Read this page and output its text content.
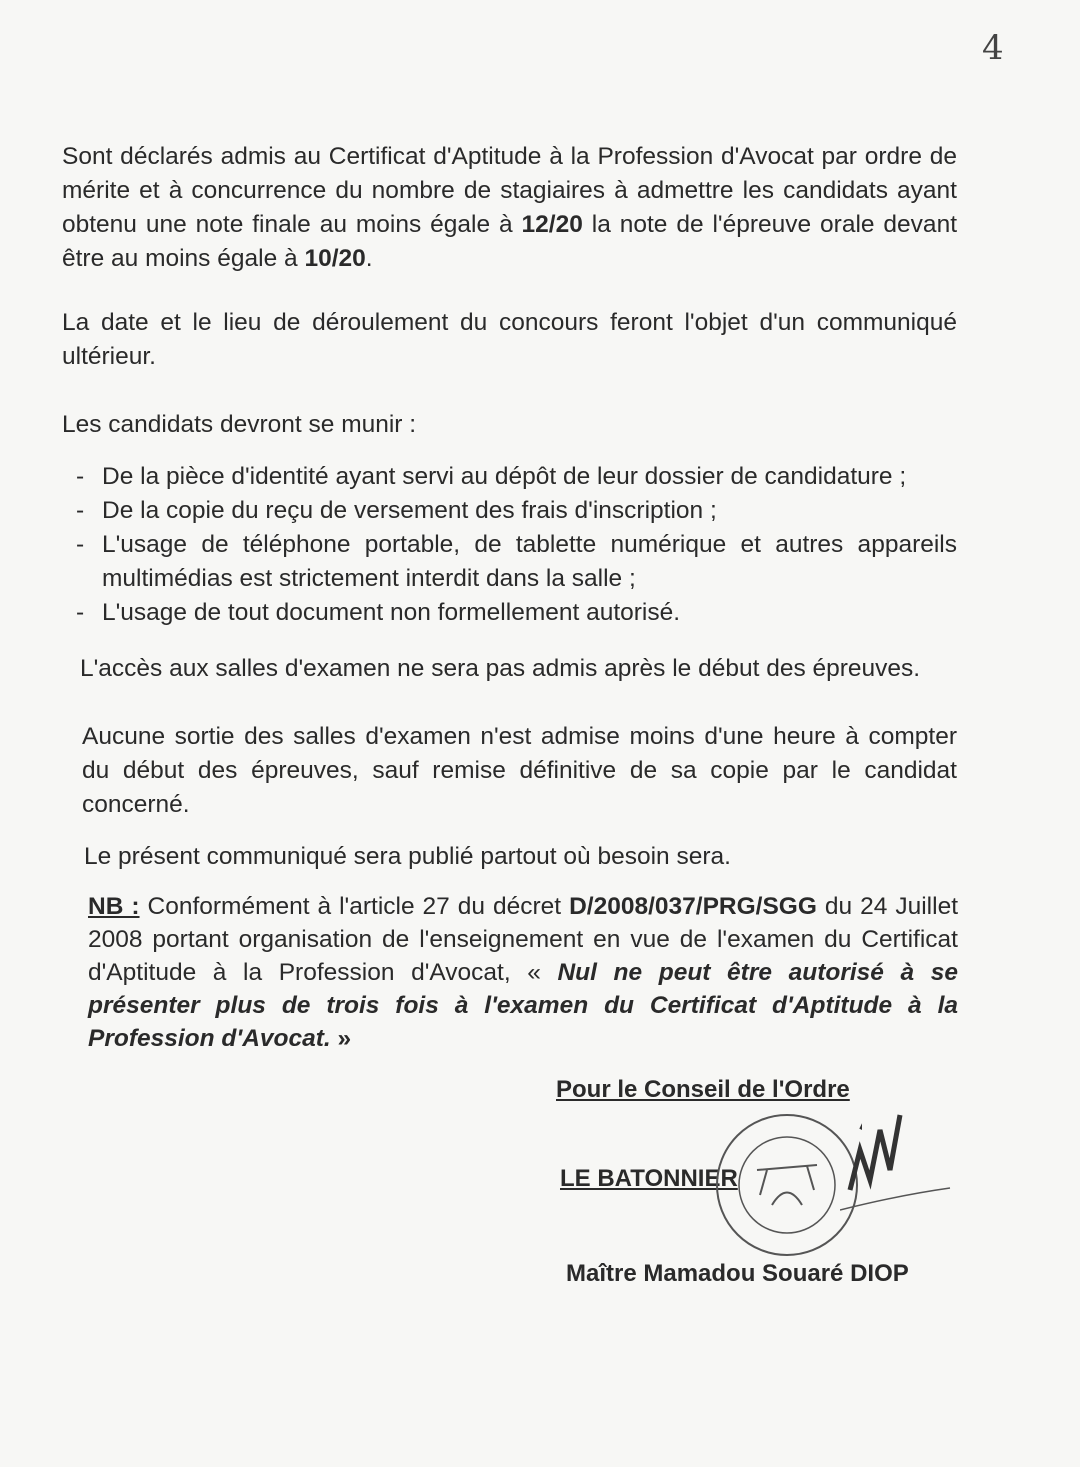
4
Sont déclarés admis au Certificat d'Aptitude à la Profession d'Avocat par ordre de mérite et à concurrence du nombre de stagiaires à admettre les candidats ayant obtenu une note finale au moins égale à 12/20 la note de l'épreuve orale devant être au moins égale à 10/20.
La date et le lieu de déroulement du concours feront l'objet d'un communiqué ultérieur.
Les candidats devront se munir :
- De la pièce d'identité ayant servi au dépôt de leur dossier de candidature ;
- De la copie du reçu de versement des frais d'inscription ;
- L'usage de téléphone portable, de tablette numérique et autres appareils multimédias est strictement interdit dans la salle ;
- L'usage de tout document non formellement autorisé.
L'accès aux salles d'examen ne sera pas admis après le début des épreuves.
Aucune sortie des salles d'examen n'est admise moins d'une heure à compter du début des épreuves, sauf remise définitive de sa copie par le candidat concerné.
Le présent communiqué sera publié partout où besoin sera.
NB : Conformément à l'article 27 du décret D/2008/037/PRG/SGG du 24 Juillet 2008 portant organisation de l'enseignement en vue de l'examen du Certificat d'Aptitude à la Profession d'Avocat, « Nul ne peut être autorisé à se présenter plus de trois fois à l'examen du Certificat d'Aptitude à la Profession d'Avocat. »
Pour le Conseil de l'Ordre
LE BATONNIER
Maître Mamadou Souaré DIOP
